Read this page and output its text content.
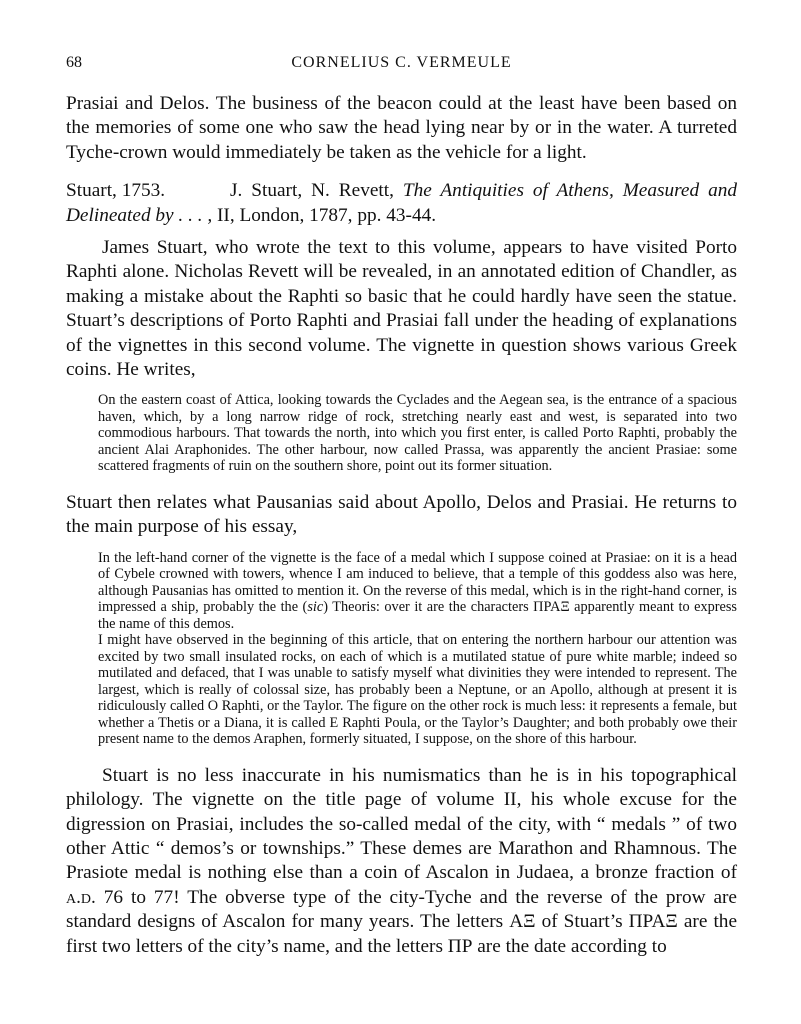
68	CORNELIUS C. VERMEULE

Prasiai and Delos. The business of the beacon could at the least have been based on the memories of some one who saw the head lying near by or in the water. A turreted Tyche-crown would immediately be taken as the vehicle for a light.

Stuart, 1753.	J. Stuart, N. Revett, The Antiquities of Athens, Measured and Delineated by . . . , II, London, 1787, pp. 43-44.

James Stuart, who wrote the text to this volume, appears to have visited Porto Raphti alone. Nicholas Revett will be revealed, in an annotated edition of Chandler, as making a mistake about the Raphti so basic that he could hardly have seen the statue. Stuart’s descriptions of Porto Raphti and Prasiai fall under the heading of explanations of the vignettes in this second volume. The vignette in question shows various Greek coins. He writes,

On the eastern coast of Attica, looking towards the Cyclades and the Aegean sea, is the entrance of a spacious haven, which, by a long narrow ridge of rock, stretching nearly east and west, is separated into two commodious harbours. That towards the north, into which you first enter, is called Porto Raphti, probably the ancient Alai Araphonides. The other harbour, now called Prassa, was apparently the ancient Prasiae: some scattered fragments of ruin on the southern shore, point out its former situation.

Stuart then relates what Pausanias said about Apollo, Delos and Prasiai. He returns to the main purpose of his essay,

In the left-hand corner of the vignette is the face of a medal which I suppose coined at Prasiae: on it is a head of Cybele crowned with towers, whence I am induced to believe, that a temple of this goddess also was here, although Pausanias has omitted to mention it. On the reverse of this medal, which is in the right-hand corner, is impressed a ship, probably the the (sic) Theoris: over it are the characters ΠΡΑΞ apparently meant to express the name of this demos.

I might have observed in the beginning of this article, that on entering the northern harbour our attention was excited by two small insulated rocks, on each of which is a mutilated statue of pure white marble; indeed so mutilated and defaced, that I was unable to satisfy myself what divinities they were intended to represent. The largest, which is really of colossal size, has probably been a Neptune, or an Apollo, although at present it is ridiculously called O Raphti, or the Taylor. The figure on the other rock is much less: it represents a female, but whether a Thetis or a Diana, it is called E Raphti Poula, or the Taylor’s Daughter; and both probably owe their present name to the demos Araphen, formerly situated, I suppose, on the shore of this harbour.

Stuart is no less inaccurate in his numismatics than he is in his topographical philology. The vignette on the title page of volume II, his whole excuse for the digression on Prasiai, includes the so-called medal of the city, with “ medals ” of two other Attic “ demos’s or townships.” These demes are Marathon and Rhamnous. The Prasiote medal is nothing else than a coin of Ascalon in Judaea, a bronze fraction of a.d. 76 to 77! The obverse type of the city-Tyche and the reverse of the prow are standard designs of Ascalon for many years. The letters ΑΞ of Stuart’s ΠΡΑΞ are the first two letters of the city’s name, and the letters ΠΡ are the date according to
